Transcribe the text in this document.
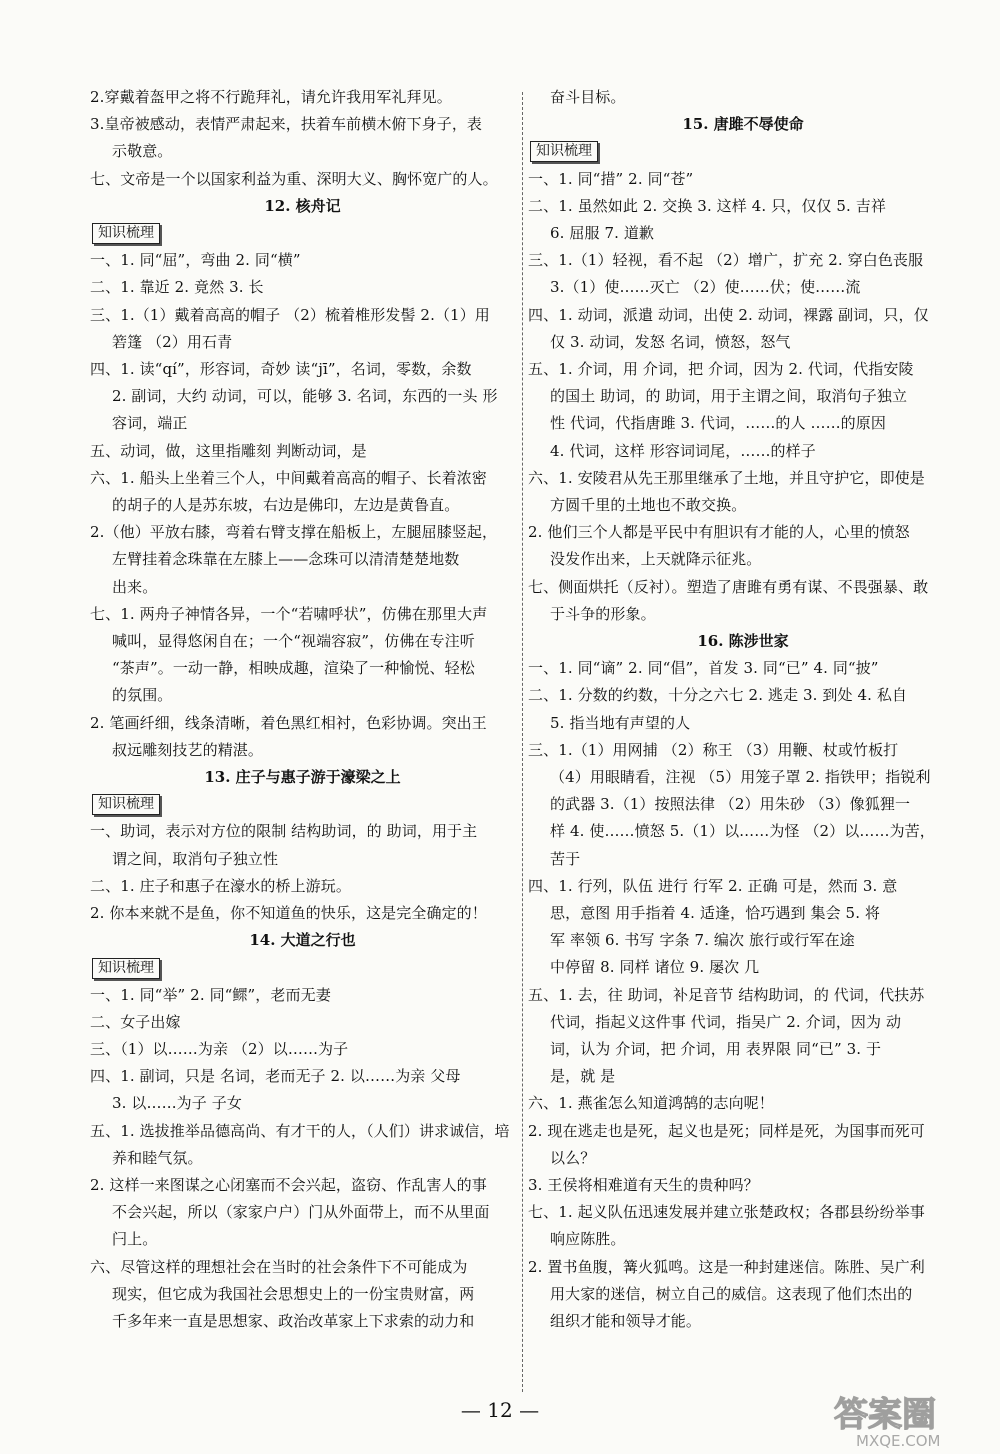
2.穿戴着盔甲之将不行跪拜礼，请允许我用军礼拜见。
3.皇帝被感动，表情严肃起来，扶着车前横木俯下身子，表
示敬意。
七、文帝是一个以国家利益为重、深明大义、胸怀宽广的人。
12. 核舟记
知识梳理
一、1. 同“屈”，弯曲 2. 同“横”
二、1. 靠近 2. 竟然 3. 长
三、1.（1）戴着高高的帽子 （2）梳着椎形发髻 2.（1）用
箬篷 （2）用石青
四、1. 读“qí”，形容词，奇妙 读“jī”，名词，零数，余数
2. 副词，大约 动词，可以，能够 3. 名词，东西的一头 形
容词，端正
五、动词，做，这里指雕刻 判断动词，是
六、1. 船头上坐着三个人，中间戴着高高的帽子、长着浓密
的胡子的人是苏东坡，右边是佛印，左边是黄鲁直。
2.（他）平放右膝，弯着右臂支撑在船板上，左腿屈膝竖起，
左臂挂着念珠靠在左膝上——念珠可以清清楚楚地数
出来。
七、1. 两舟子神情各异，一个“若啸呼状”，仿佛在那里大声
喊叫，显得悠闲自在；一个“视端容寂”，仿佛在专注听
“茶声”。一动一静，相映成趣，渲染了一种愉悦、轻松
的氛围。
2. 笔画纤细，线条清晰，着色黑红相衬，色彩协调。突出王
叔远雕刻技艺的精湛。
13. 庄子与惠子游于濠梁之上
知识梳理
一、助词，表示对方位的限制 结构助词，的 助词，用于主
谓之间，取消句子独立性
二、1. 庄子和惠子在濠水的桥上游玩。
2. 你本来就不是鱼，你不知道鱼的快乐，这是完全确定的！
14. 大道之行也
知识梳理
一、1. 同“举” 2. 同“鳏”，老而无妻
二、女子出嫁
三、（1）以……为亲 （2）以……为子
四、1. 副词，只是 名词，老而无子 2. 以……为亲 父母
3. 以……为子 子女
五、1. 选拔推举品德高尚、有才干的人，（人们）讲求诚信，培
养和睦气氛。
2. 这样一来图谋之心闭塞而不会兴起，盗窃、作乱害人的事
不会兴起，所以（家家户户）门从外面带上，而不从里面
闩上。
六、尽管这样的理想社会在当时的社会条件下不可能成为
现实，但它成为我国社会思想史上的一份宝贵财富，两
千多年来一直是思想家、政治改革家上下求索的动力和
奋斗目标。
15. 唐雎不辱使命
知识梳理
一、1. 同“措” 2. 同“苍”
二、1. 虽然如此 2. 交换 3. 这样 4. 只，仅仅 5. 吉祥
6. 屈服 7. 道歉
三、1.（1）轻视，看不起 （2）增广，扩充 2. 穿白色丧服
3.（1）使……灭亡 （2）使……伏；使……流
四、1. 动词，派遣 动词，出使 2. 动词，裸露 副词，只，仅
仅 3. 动词，发怒 名词，愤怒，怒气
五、1. 介词，用 介词，把 介词，因为 2. 代词，代指安陵
的国土 助词，的 助词，用于主谓之间，取消句子独立
性 代词，代指唐雎 3. 代词，……的人 ……的原因
4. 代词，这样 形容词词尾，……的样子
六、1. 安陵君从先王那里继承了土地，并且守护它，即使是
方圆千里的土地也不敢交换。
2. 他们三个人都是平民中有胆识有才能的人，心里的愤怒
没发作出来，上天就降示征兆。
七、侧面烘托（反衬）。塑造了唐雎有勇有谋、不畏强暴、敢
于斗争的形象。
16. 陈涉世家
一、1. 同“谪” 2. 同“倡”，首发 3. 同“已” 4. 同“披”
二、1. 分数的约数，十分之六七 2. 逃走 3. 到处 4. 私自
5. 指当地有声望的人
三、1.（1）用网捕 （2）称王 （3）用鞭、杖或竹板打
（4）用眼睛看，注视 （5）用笼子罩 2. 指铁甲；指锐利
的武器 3.（1）按照法律 （2）用朱砂 （3）像狐狸一
样 4. 使……愤怒 5.（1）以……为怪 （2）以……为苦，
苦于
四、1. 行列，队伍 进行 行军 2. 正确 可是，然而 3. 意
思，意图 用手指着 4. 适逢，恰巧遇到 集会 5. 将
军 率领 6. 书写 字条 7. 编次 旅行或行军在途
中停留 8. 同样 诸位 9. 屡次 几
五、1. 去，往 助词，补足音节 结构助词，的 代词，代扶苏
代词，指起义这件事 代词，指吴广 2. 介词，因为 动
词，认为 介词，把 介词，用 表界限 同“已” 3. 于
是，就 是
六、1. 燕雀怎么知道鸿鹄的志向呢！
2. 现在逃走也是死，起义也是死；同样是死，为国事而死可
以么？
3. 王侯将相难道有天生的贵种吗？
七、1. 起义队伍迅速发展并建立张楚政权；各郡县纷纷举事
响应陈胜。
2. 置书鱼腹，篝火狐鸣。这是一种封建迷信。陈胜、吴广利
用大家的迷信，树立自己的威信。这表现了他们杰出的
组织才能和领导才能。
— 12 —	答案圈
MXQE.COM
